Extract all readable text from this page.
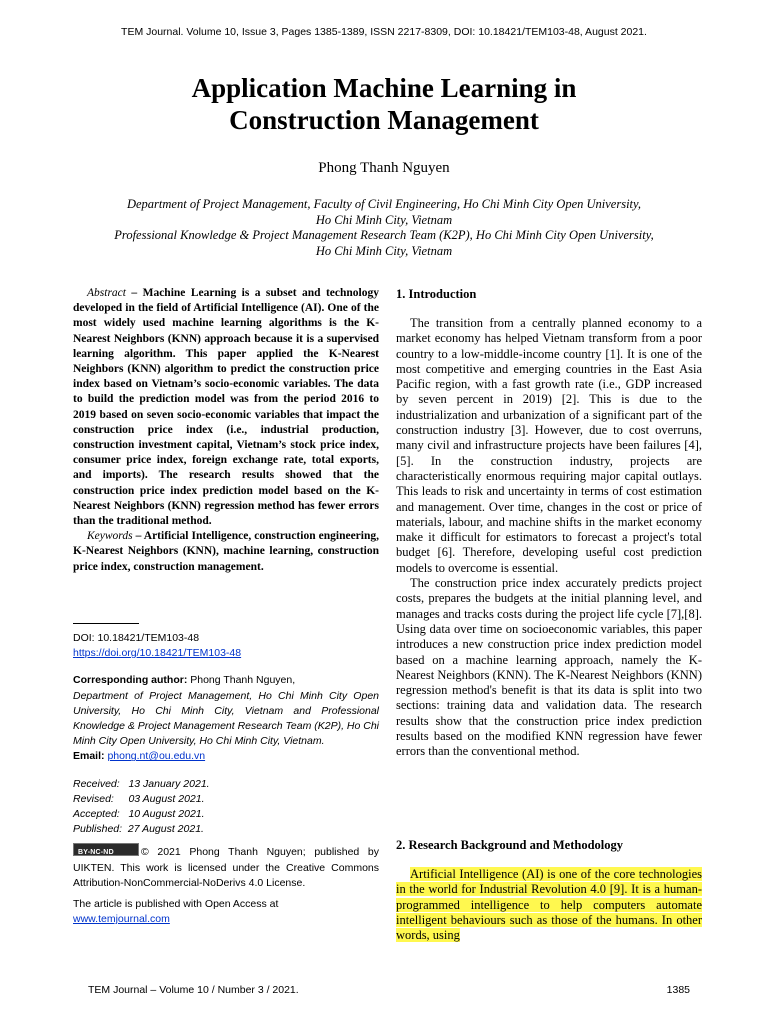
TEM Journal. Volume 10, Issue 3, Pages 1385-1389, ISSN 2217-8309, DOI: 10.18421/TEM103-48, August 2021.
Application Machine Learning in
Construction Management
Phong Thanh Nguyen
Department of Project Management, Faculty of Civil Engineering, Ho Chi Minh City Open University,
Ho Chi Minh City, Vietnam
Professional Knowledge & Project Management Research Team (K2P), Ho Chi Minh City Open University,
Ho Chi Minh City, Vietnam

Abstract – Machine Learning is a subset and technology developed in the field of Artificial Intelligence (AI). One of the most widely used machine learning algorithms is the K-Nearest Neighbors (KNN) approach because it is a supervised learning algorithm. This paper applied the K-Nearest Neighbors (KNN) algorithm to predict the construction price index based on Vietnam’s socio-economic variables. The data to build the prediction model was from the period 2016 to 2019 based on seven socio-economic variables that impact the construction price index (i.e., industrial production, construction investment capital, Vietnam’s stock price index, consumer price index, foreign exchange rate, total exports, and imports). The research results showed that the construction price index prediction model based on the K-Nearest Neighbors (KNN) regression method has fewer errors than the traditional method.

Keywords – Artificial Intelligence, construction engineering, K-Nearest Neighbors (KNN), machine learning, construction price index, construction management.

DOI: 10.18421/TEM103-48

https://doi.org/10.18421/TEM103-48

Corresponding author: Phong Thanh Nguyen,

Department of Project Management, Ho Chi Minh City Open University, Ho Chi Minh City, Vietnam and Professional Knowledge & Project Management Research Team (K2P), Ho Chi Minh City Open University, Ho Chi Minh City, Vietnam.

Email: phong.nt@ou.edu.vn

Received:   13 January 2021.

Revised:     03 August 2021.

Accepted:   10 August 2021.

Published:  27 August 2021.

BY-NC-ND	© 2021 Phong Thanh Nguyen; published by UIKTEN. This work is licensed under the Creative Commons Attribution-NonCommercial-NoDerivs 4.0 License.

The article is published with Open Access at

www.temjournal.com

1. Introduction

The transition from a centrally planned economy to a market economy has helped Vietnam transform from a poor country to a low-middle-income country [1]. It is one of the most competitive and emerging countries in the East Asia Pacific region, with a fast growth rate (i.e., GDP increased by seven percent in 2019) [2]. This is due to the industrialization and urbanization of a significant part of the construction industry [3]. However, due to cost overruns, many civil and infrastructure projects have been failures [4],[5]. In the construction industry, projects are characteristically enormous requiring major capital outlays. This leads to risk and uncertainty in terms of cost estimation and management. Over time, changes in the cost or price of materials, labour, and machine shifts in the market economy make it difficult for estimators to forecast a project's total budget [6]. Therefore, developing useful cost prediction models to overcome is essential.

The construction price index accurately predicts project costs, prepares the budgets at the initial planning level, and manages and tracks costs during the project life cycle [7],[8]. Using data over time on socioeconomic variables, this paper introduces a new construction price index prediction model based on a machine learning approach, namely the K-Nearest Neighbors (KNN). The K-Nearest Neighbors (KNN) regression method's benefit is that its data is split into two sections: training data and validation data. The research results show that the construction price index prediction results based on the modified KNN regression have fewer errors than the conventional method.

2. Research Background and Methodology

Artificial Intelligence (AI) is one of the core technologies in the world for Industrial Revolution 4.0 [9]. It is a human-programmed intelligence to help computers automate intelligent behaviours such as those of the humans. In other words, using

TEM Journal – Volume 10 / Number 3 / 2021.	1385
